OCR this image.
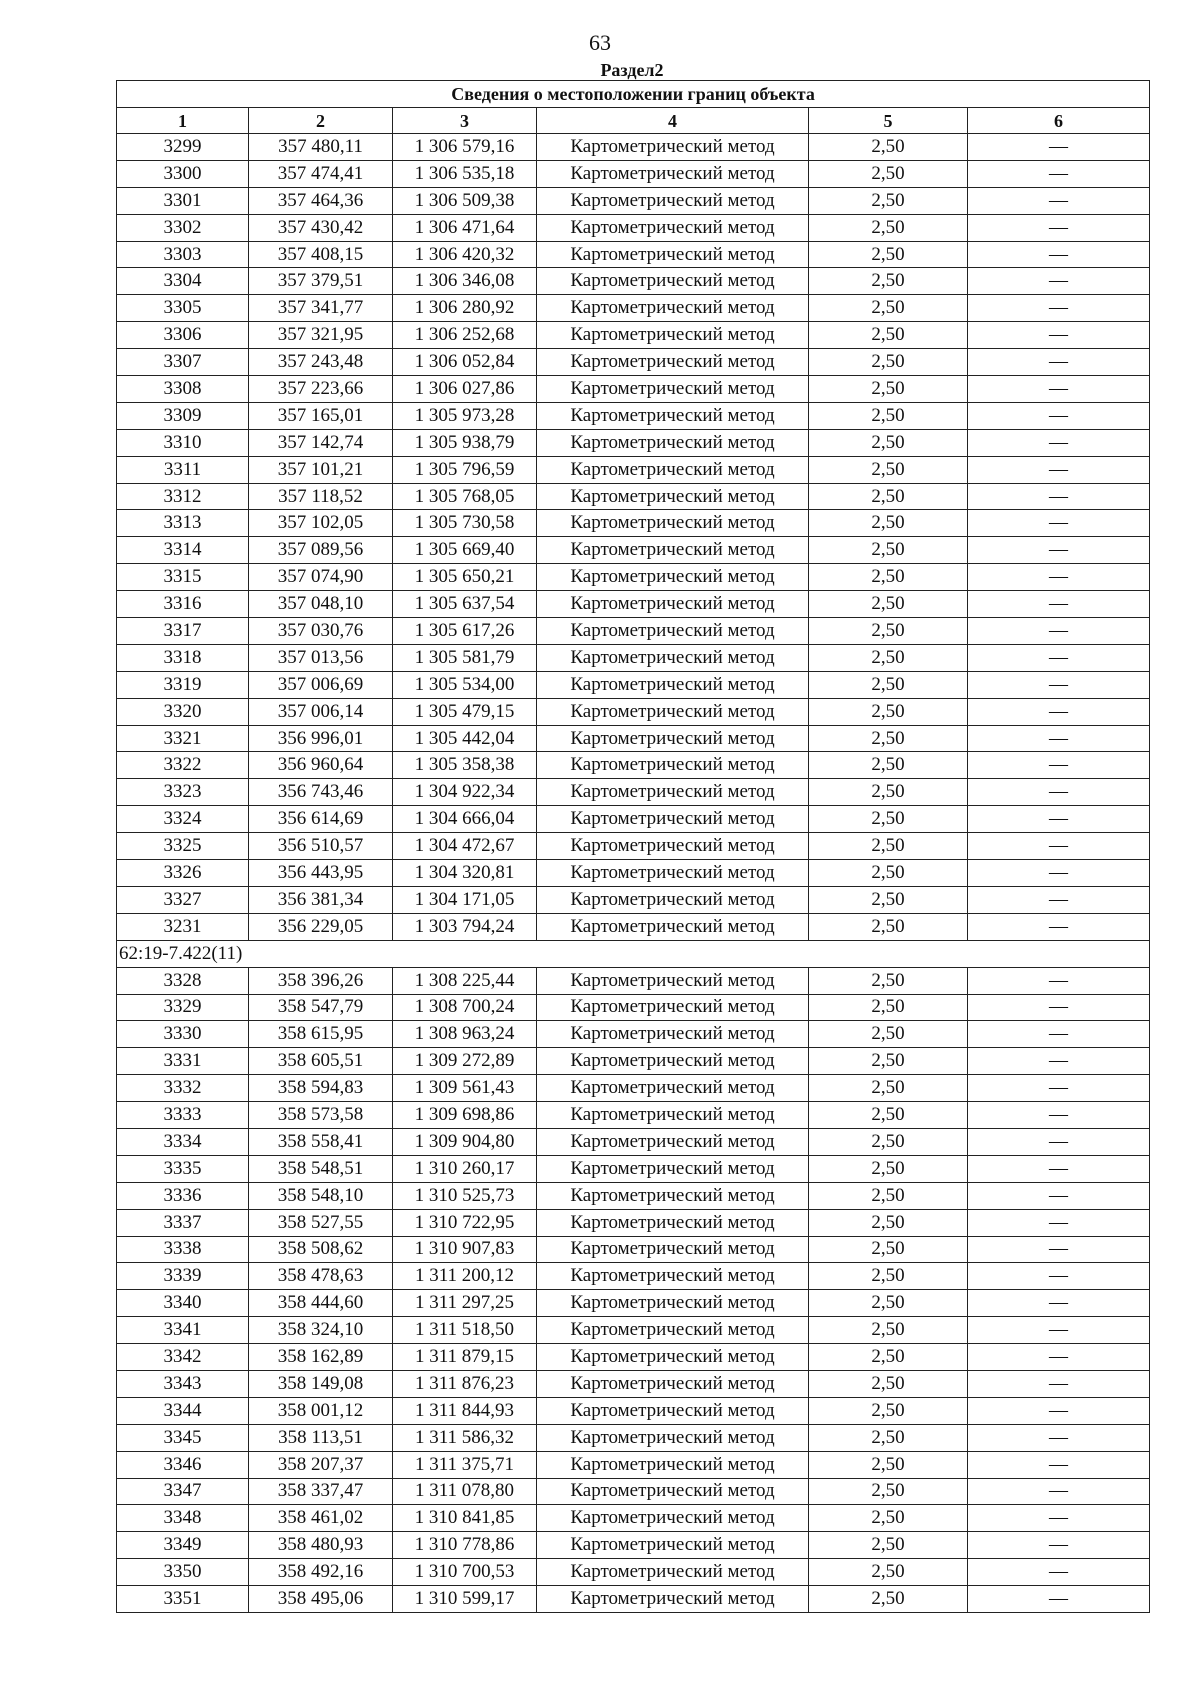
63
Раздел2
Сведения о местоположении границ объекта					
1	2	3	4	5	6
3299	357 480,11	1 306 579,16	Картометрический метод	2,50	—
3300	357 474,41	1 306 535,18	Картометрический метод	2,50	—
3301	357 464,36	1 306 509,38	Картометрический метод	2,50	—
3302	357 430,42	1 306 471,64	Картометрический метод	2,50	—
3303	357 408,15	1 306 420,32	Картометрический метод	2,50	—
3304	357 379,51	1 306 346,08	Картометрический метод	2,50	—
3305	357 341,77	1 306 280,92	Картометрический метод	2,50	—
3306	357 321,95	1 306 252,68	Картометрический метод	2,50	—
3307	357 243,48	1 306 052,84	Картометрический метод	2,50	—
3308	357 223,66	1 306 027,86	Картометрический метод	2,50	—
3309	357 165,01	1 305 973,28	Картометрический метод	2,50	—
3310	357 142,74	1 305 938,79	Картометрический метод	2,50	—
3311	357 101,21	1 305 796,59	Картометрический метод	2,50	—
3312	357 118,52	1 305 768,05	Картометрический метод	2,50	—
3313	357 102,05	1 305 730,58	Картометрический метод	2,50	—
3314	357 089,56	1 305 669,40	Картометрический метод	2,50	—
3315	357 074,90	1 305 650,21	Картометрический метод	2,50	—
3316	357 048,10	1 305 637,54	Картометрический метод	2,50	—
3317	357 030,76	1 305 617,26	Картометрический метод	2,50	—
3318	357 013,56	1 305 581,79	Картометрический метод	2,50	—
3319	357 006,69	1 305 534,00	Картометрический метод	2,50	—
3320	357 006,14	1 305 479,15	Картометрический метод	2,50	—
3321	356 996,01	1 305 442,04	Картометрический метод	2,50	—
3322	356 960,64	1 305 358,38	Картометрический метод	2,50	—
3323	356 743,46	1 304 922,34	Картометрический метод	2,50	—
3324	356 614,69	1 304 666,04	Картометрический метод	2,50	—
3325	356 510,57	1 304 472,67	Картометрический метод	2,50	—
3326	356 443,95	1 304 320,81	Картометрический метод	2,50	—
3327	356 381,34	1 304 171,05	Картометрический метод	2,50	—
3231	356 229,05	1 303 794,24	Картометрический метод	2,50	—
62:19-7.422(11)					
3328	358 396,26	1 308 225,44	Картометрический метод	2,50	—
3329	358 547,79	1 308 700,24	Картометрический метод	2,50	—
3330	358 615,95	1 308 963,24	Картометрический метод	2,50	—
3331	358 605,51	1 309 272,89	Картометрический метод	2,50	—
3332	358 594,83	1 309 561,43	Картометрический метод	2,50	—
3333	358 573,58	1 309 698,86	Картометрический метод	2,50	—
3334	358 558,41	1 309 904,80	Картометрический метод	2,50	—
3335	358 548,51	1 310 260,17	Картометрический метод	2,50	—
3336	358 548,10	1 310 525,73	Картометрический метод	2,50	—
3337	358 527,55	1 310 722,95	Картометрический метод	2,50	—
3338	358 508,62	1 310 907,83	Картометрический метод	2,50	—
3339	358 478,63	1 311 200,12	Картометрический метод	2,50	—
3340	358 444,60	1 311 297,25	Картометрический метод	2,50	—
3341	358 324,10	1 311 518,50	Картометрический метод	2,50	—
3342	358 162,89	1 311 879,15	Картометрический метод	2,50	—
3343	358 149,08	1 311 876,23	Картометрический метод	2,50	—
3344	358 001,12	1 311 844,93	Картометрический метод	2,50	—
3345	358 113,51	1 311 586,32	Картометрический метод	2,50	—
3346	358 207,37	1 311 375,71	Картометрический метод	2,50	—
3347	358 337,47	1 311 078,80	Картометрический метод	2,50	—
3348	358 461,02	1 310 841,85	Картометрический метод	2,50	—
3349	358 480,93	1 310 778,86	Картометрический метод	2,50	—
3350	358 492,16	1 310 700,53	Картометрический метод	2,50	—
3351	358 495,06	1 310 599,17	Картометрический метод	2,50	—
